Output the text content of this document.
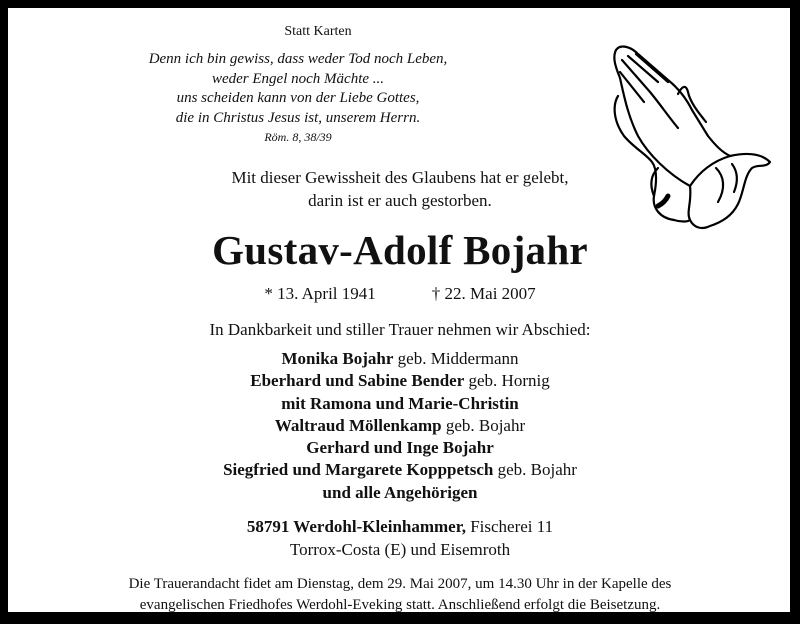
Statt Karten
Denn ich bin gewiss, dass weder Tod noch Leben,
weder Engel noch Mächte ...
uns scheiden kann von der Liebe Gottes,
die in Christus Jesus ist, unserem Herrn.
Röm. 8, 38/39
Mit dieser Gewissheit des Glaubens hat er gelebt,
darin ist er auch gestorben.
Gustav-Adolf Bojahr
* 13. April 1941	† 22. Mai 2007
In Dankbarkeit und stiller Trauer nehmen wir Abschied:
Monika Bojahr geb. Middermann
Eberhard und Sabine Bender geb. Hornig
mit Ramona und Marie-Christin
Waltraud Möllenkamp geb. Bojahr
Gerhard und Inge Bojahr
Siegfried und Margarete Kopppetsch geb. Bojahr
und alle Angehörigen
58791 Werdohl-Kleinhammer, Fischerei 11
Torrox-Costa (E) und Eisemroth
Die Trauerandacht fidet am Dienstag, dem 29. Mai 2007, um 14.30 Uhr in der Kapelle des
evangelischen Friedhofes Werdohl-Eveking statt. Anschließend erfolgt die Beisetzung.
